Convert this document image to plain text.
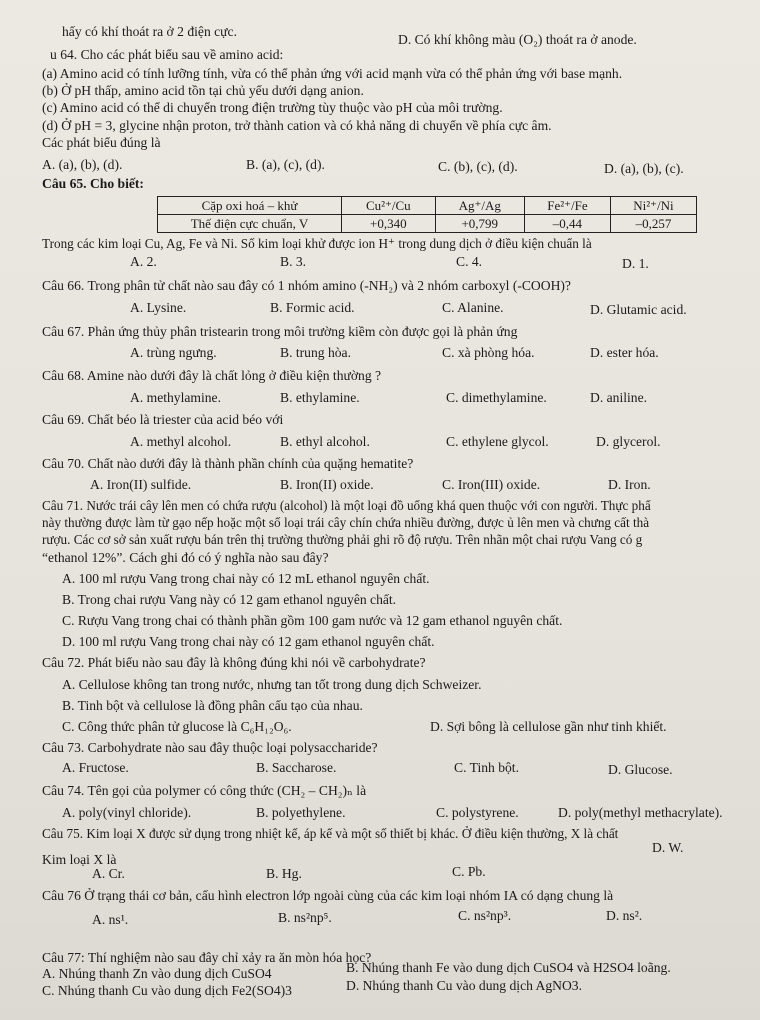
hấy có khí thoát ra ở 2 điện cực.
D. Có khí không màu (O₂) thoát ra ở anode.
u 64. Cho các phát biểu sau về amino acid:
(a) Amino acid có tính lưỡng tính, vừa có thể phản ứng với acid mạnh vừa có thể phản ứng với base mạnh.
(b) Ở pH thấp, amino acid tồn tại chủ yếu dưới dạng anion.
(c) Amino acid có thể di chuyển trong điện trường tùy thuộc vào pH của môi trường.
(d) Ở pH = 3, glycine nhận proton, trở thành cation và có khả năng di chuyển về phía cực âm.
Các phát biểu đúng là
A. (a), (b), (d).	B. (a), (c), (d).	C. (b), (c), (d).	D. (a), (b), (c).
Câu 65. Cho biết:
Cặp oxi hoá – khử	Cu²⁺/Cu	Ag⁺/Ag	Fe²⁺/Fe	Ni²⁺/Ni
Thế điện cực chuẩn, V	+0,340	+0,799	–0,44	–0,257
Trong các kim loại Cu, Ag, Fe và Ni. Số kim loại khử được ion H⁺ trong dung dịch ở điều kiện chuẩn là
A. 2.	B. 3.	C. 4.	D. 1.
Câu 66. Trong phân tử chất nào sau đây có 1 nhóm amino (-NH₂) và 2 nhóm carboxyl (-COOH)?
A. Lysine.	B. Formic acid.	C. Alanine.	D. Glutamic acid.
Câu 67. Phản ứng thủy phân tristearin trong môi trường kiềm còn được gọi là phản ứng
A. trùng ngưng.	B. trung hòa.	C. xà phòng hóa.	D. ester hóa.
Câu 68. Amine nào dưới đây là chất lỏng ở điều kiện thường ?
A. methylamine.	B. ethylamine.	C. dimethylamine.	D. aniline.
Câu 69. Chất béo là triester của acid béo với
A. methyl alcohol.	B. ethyl alcohol.	C. ethylene glycol.	D. glycerol.
Câu 70. Chất nào dưới đây là thành phần chính của quặng hematite?
A. Iron(II) sulfide.	B. Iron(II) oxide.	C. Iron(III) oxide.	D. Iron.
Câu 71. Nước trái cây lên men có chứa rượu (alcohol) là một loại đồ uống khá quen thuộc với con người. Thực phẩ
này thường được làm từ gạo nếp hoặc một số loại trái cây chín chứa nhiều đường, được ủ lên men và chưng cất thà
rượu. Các cơ sở sản xuất rượu bán trên thị trường thường phải ghi rõ độ rượu. Trên nhãn một chai rượu Vang có g
“ethanol 12%”. Cách ghi đó có ý nghĩa nào sau đây?
A. 100 ml rượu Vang trong chai này có 12 mL ethanol nguyên chất.
B. Trong chai rượu Vang này có 12 gam ethanol nguyên chất.
C. Rượu Vang trong chai có thành phần gồm 100 gam nước và 12 gam ethanol nguyên chất.
D. 100 ml rượu Vang trong chai này có 12 gam ethanol nguyên chất.
Câu 72. Phát biểu nào sau đây là không đúng khi nói về carbohydrate?
A. Cellulose không tan trong nước, nhưng tan tốt trong dung dịch Schweizer.
B. Tinh bột và cellulose là đồng phân cấu tạo của nhau.
C. Công thức phân tử glucose là C₆H₁₂O₆.	D. Sợi bông là cellulose gần như tinh khiết.
Câu 73. Carbohydrate nào sau đây thuộc loại polysaccharide?
A. Fructose.	B. Saccharose.	C. Tinh bột.	D. Glucose.
Câu 74. Tên gọi của polymer có công thức (CH₂ – CH₂)ₙ là
A. poly(vinyl chloride).	B. polyethylene.	C. polystyrene.	D. poly(methyl methacrylate).
Câu 75. Kim loại X được sử dụng trong nhiệt kế, áp kế và một số thiết bị khác. Ở điều kiện thường, X là chất
Kim loại X là
D. W.
A. Cr.	B. Hg.	C. Pb.
Câu 76 Ở trạng thái cơ bản, cấu hình electron lớp ngoài cùng của các kim loại nhóm IA có dạng chung là
A. ns¹.	B. ns²np⁵.	C. ns²np³.	D. ns².
Câu 77: Thí nghiệm nào sau đây chỉ xảy ra ăn mòn hóa học?
A. Nhúng thanh Zn vào dung dịch CuSO4	B. Nhúng thanh Fe vào dung dịch CuSO4 và H2SO4 loãng.
C. Nhúng thanh Cu vào dung dịch Fe2(SO4)3	D. Nhúng thanh Cu vào dung dịch AgNO3.
